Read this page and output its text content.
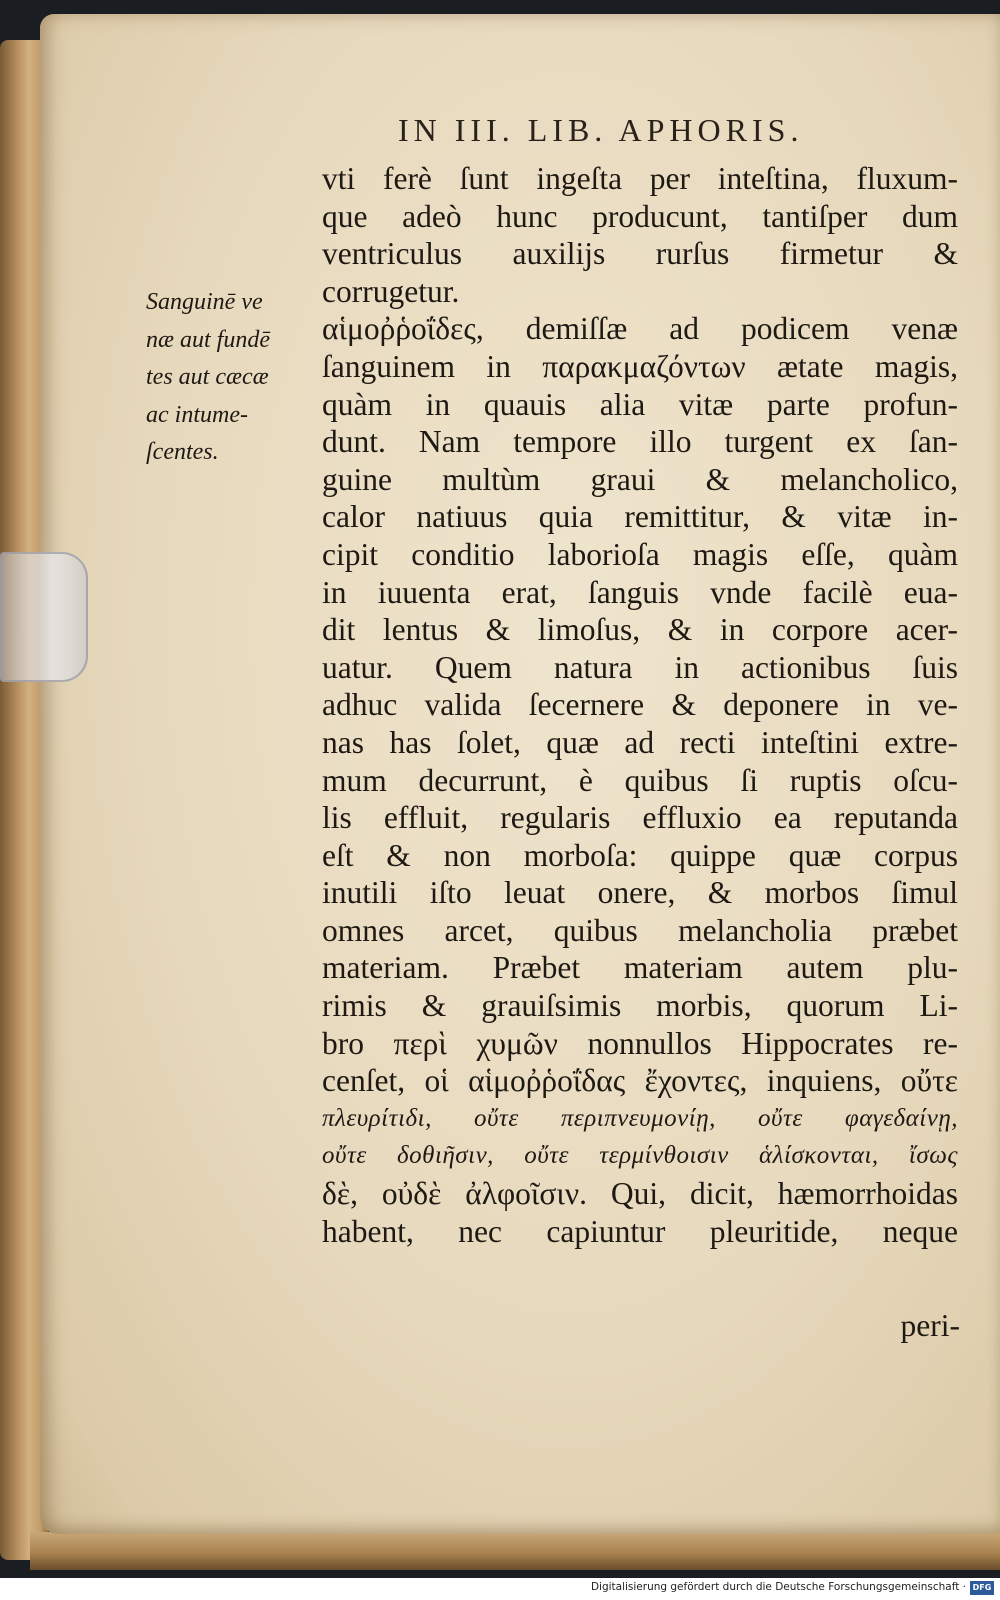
IN III. LIB. APHORIS.
Sanguinē ve
næ aut fundē
tes aut cæcæ
ac intume-
ſcentes.
vti ferè ſunt ingeſta per inteſtina, fluxum-
que adeò hunc producunt, tantiſper dum
ventriculus auxilijs rurſus firmetur &
corrugetur.
αἱμοῤῥοΐδες, demiſſæ ad podicem venæ
ſanguinem in παρακμαζόντων ætate magis,
quàm in quauis alia vitæ parte profun-
dunt. Nam tempore illo turgent ex ſan-
guine multùm graui & melancholico,
calor natiuus quia remittitur, & vitæ in-
cipit conditio laborioſa magis eſſe, quàm
in iuuenta erat, ſanguis vnde facilè eua-
dit lentus & limoſus, & in corpore acer-
uatur. Quem natura in actionibus ſuis
adhuc valida ſecernere & deponere in ve-
nas has ſolet, quæ ad recti inteſtini extre-
mum decurrunt, è quibus ſi ruptis oſcu-
lis effluit, regularis effluxio ea reputanda
eſt & non morboſa: quippe quæ corpus
inutili iſto leuat onere, & morbos ſimul
omnes arcet, quibus melancholia præbet
materiam. Præbet materiam autem plu-
rimis & grauiſsimis morbis, quorum Li-
bro περὶ χυμῶν nonnullos Hippocrates re-
cenſet, οἱ αἱμοῤῥοΐδας ἔχοντες, inquiens, οὔτε
πλευρίτιδι, οὔτε περιπνευμονίῃ, οὔτε φαγεδαίνῃ,
οὔτε δοθιῆσιν, οὔτε τερμίνθοισιν ἁλίσκονται, ἴσως
δὲ, οὐδὲ ἀλφοῖσιν. Qui, dicit, hæmorrhoidas
habent, nec capiuntur pleuritide, neque
peri-
Digitalisierung gefördert durch die Deutsche Forschungsgemeinschaft · DFG
